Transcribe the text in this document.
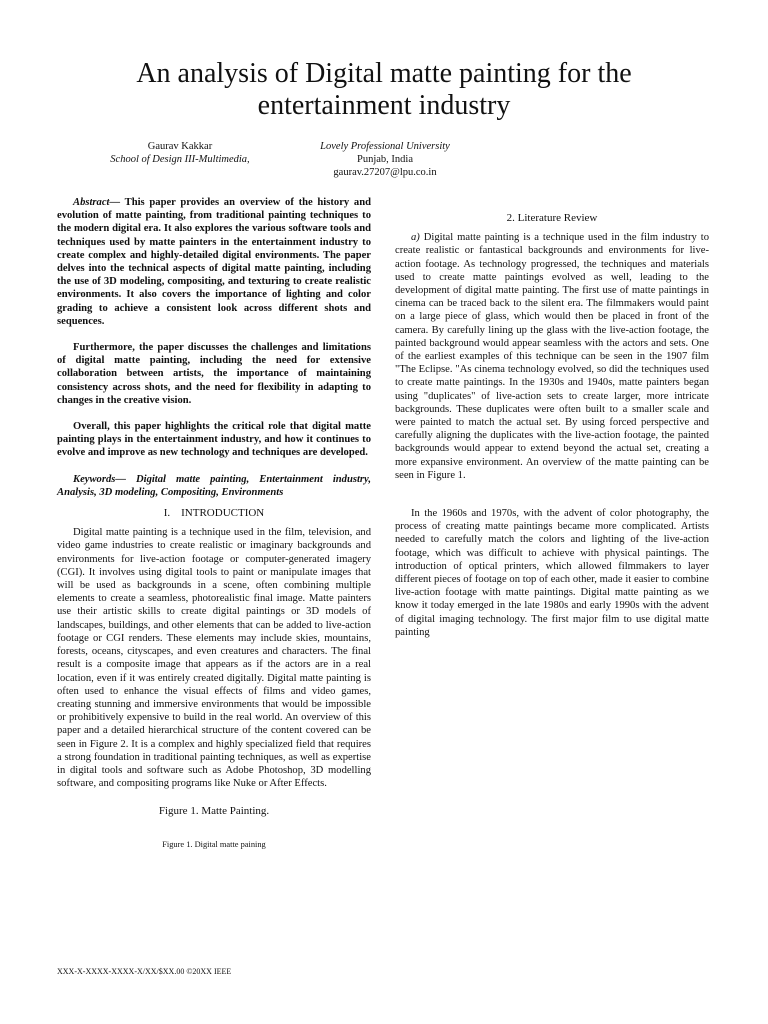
An analysis of Digital matte painting for the entertainment industry
Gaurav Kakkar
School of Design III-Multimedia,
Lovely Professional University
Punjab, India
gaurav.27207@lpu.co.in

Abstract— This paper provides an overview of the history and evolution of matte painting, from traditional painting techniques to the modern digital era. It also explores the various software tools and techniques used by matte painters in the entertainment industry to create complex and highly-detailed digital environments. The paper delves into the technical aspects of digital matte painting, including the use of 3D modeling, compositing, and texturing to create realistic environments. It also covers the importance of lighting and color grading to achieve a consistent look across different shots and sequences.

Furthermore, the paper discusses the challenges and limitations of digital matte painting, including the need for extensive collaboration between artists, the importance of maintaining consistency across shots, and the need for flexibility in adapting to changes in the creative vision.

Overall, this paper highlights the critical role that digital matte painting plays in the entertainment industry, and how it continues to evolve and improve as new technology and techniques are developed.

Keywords— Digital matte painting, Entertainment industry, Analysis, 3D modeling, Compositing, Environments

I.    INTRODUCTION

Digital matte painting is a technique used in the film, television, and video game industries to create realistic or imaginary backgrounds and environments for live-action footage or computer-generated imagery (CGI). It involves using digital tools to paint or manipulate images that will be used as backgrounds in a scene, often combining multiple elements to create a seamless, photorealistic final image. Matte painters use their artistic skills to create digital paintings or 3D models of landscapes, buildings, and other elements that can be added to live-action footage or CGI renders. These elements may include skies, mountains, forests, oceans, cityscapes, and even creatures and characters. The final result is a composite image that appears as if the actors are in a real location, even if it was entirely created digitally. Digital matte painting is often used to enhance the visual effects of films and video games, creating stunning and immersive environments that would be impossible or prohibitively expensive to build in the real world. An overview of this paper and a detailed hierarchical structure of the content covered can be seen in Figure 2. It is a complex and highly specialized field that requires a strong foundation in traditional painting techniques, as well as expertise in digital tools and software such as Adobe Photoshop, 3D modelling software, and compositing programs like Nuke or After Effects.

Figure 1. Matte Painting.
Figure 1. Digital matte paining
2. Literature Review

a) Digital matte painting is a technique used in the film industry to create realistic or fantastical backgrounds and environments for live-action footage. As technology progressed, the techniques and materials used to create matte paintings evolved as well, leading to the development of digital matte painting. The first use of matte paintings in cinema can be traced back to the silent era. The filmmakers would paint on a large piece of glass, which would then be placed in front of the camera. By carefully lining up the glass with the live-action footage, the painted background would appear seamless with the actors and sets. One of the earliest examples of this technique can be seen in the 1907 film "The Eclipse. "As cinema technology evolved, so did the techniques used to create matte paintings. In the 1930s and 1940s, matte painters began using "duplicates" of live-action sets to create larger, more intricate backgrounds. These duplicates were often built to a smaller scale and were painted to match the actual set. By using forced perspective and carefully aligning the duplicates with the live-action footage, the painted backgrounds would appear to extend beyond the actual set, creating a more expansive environment. An overview of the matte painting can be seen in Figure 1.

In the 1960s and 1970s, with the advent of color photography, the process of creating matte paintings became more complicated. Artists needed to carefully match the colors and lighting of the live-action footage, which was difficult to achieve with physical paintings. The introduction of optical printers, which allowed filmmakers to layer different pieces of footage on top of each other, made it easier to combine live-action footage with matte paintings. Digital matte painting as we know it today emerged in the late 1980s and early 1990s with the advent of digital imaging technology. The first major film to use digital matte painting

XXX-X-XXXX-XXXX-X/XX/$XX.00 ©20XX IEEE
